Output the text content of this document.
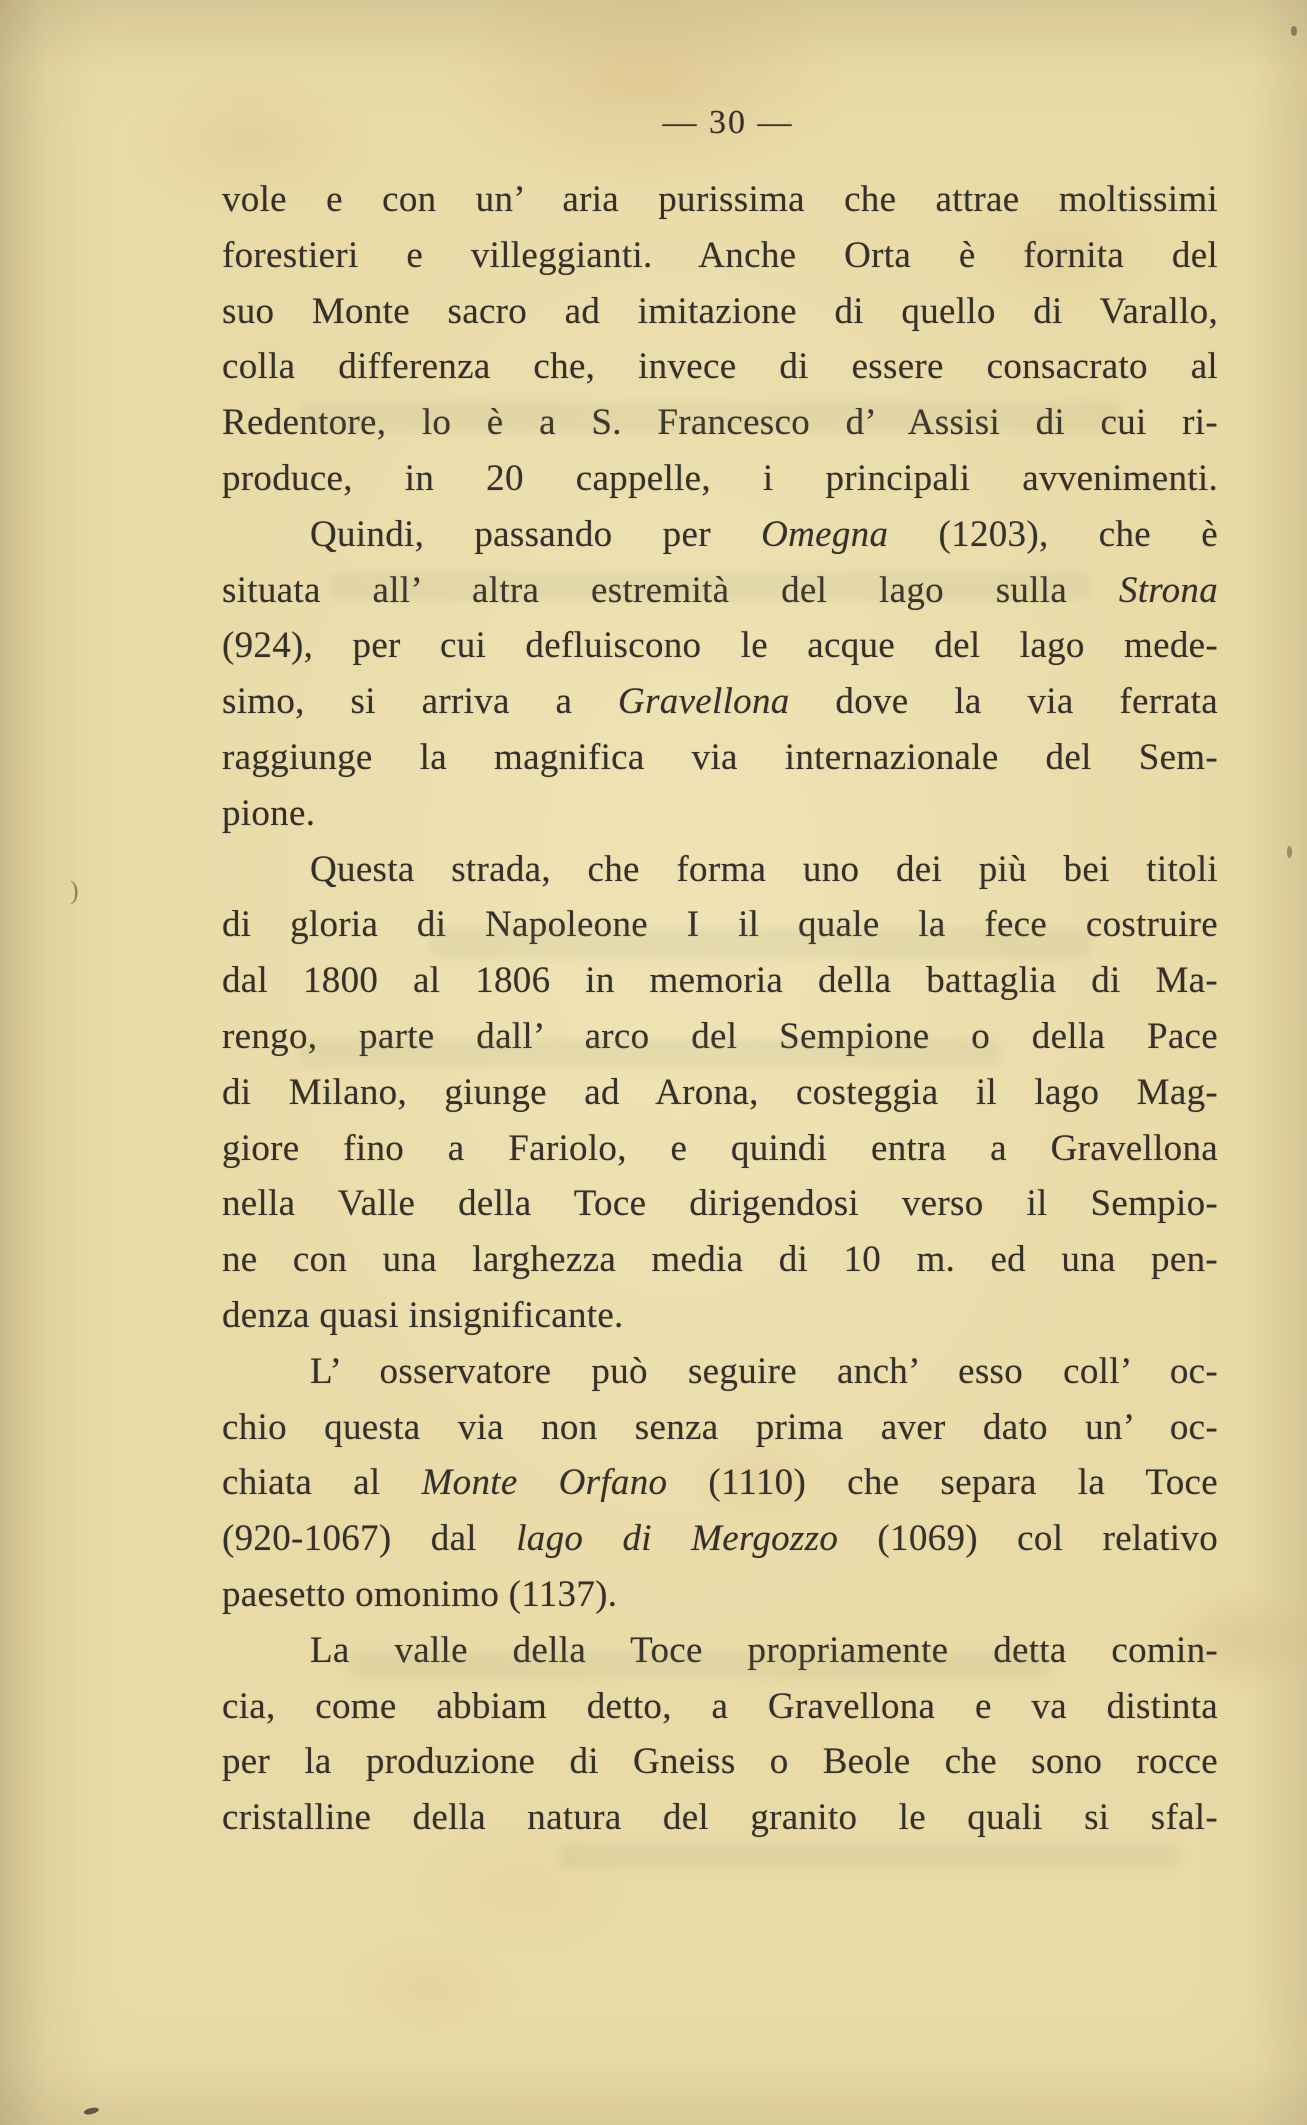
— 30 —
vole e con un’ aria purissima che attrae moltissimi
forestieri e villeggianti. Anche Orta è fornita del
suo Monte sacro ad imitazione di quello di Varallo,
colla differenza che, invece di essere consacrato al
Redentore, lo è a S. Francesco d’ Assisi di cui ri-
produce, in 20 cappelle, i principali avvenimenti.
Quindi, passando per Omegna (1203), che è
situata all’ altra estremità del lago sulla Strona
(924), per cui defluiscono le acque del lago mede-
simo, si arriva a Gravellona dove la via ferrata
raggiunge la magnifica via internazionale del Sem-
pione.
Questa strada, che forma uno dei più bei titoli
di gloria di Napoleone I il quale la fece costruire
dal 1800 al 1806 in memoria della battaglia di Ma-
rengo, parte dall’ arco del Sempione o della Pace
di Milano, giunge ad Arona, costeggia il lago Mag-
giore fino a Fariolo, e quindi entra a Gravellona
nella Valle della Toce dirigendosi verso il Sempio-
ne con una larghezza media di 10 m. ed una pen-
denza quasi insignificante.
L’ osservatore può seguire anch’ esso coll’ oc-
chio questa via non senza prima aver dato un’ oc-
chiata al Monte Orfano (1110) che separa la Toce
(920-1067) dal lago di Mergozzo (1069) col relativo
paesetto omonimo (1137).
La valle della Toce propriamente detta comin-
cia, come abbiam detto, a Gravellona e va distinta
per la produzione di Gneiss o Beole che sono rocce
cristalline della natura del granito le quali si sfal-
)
